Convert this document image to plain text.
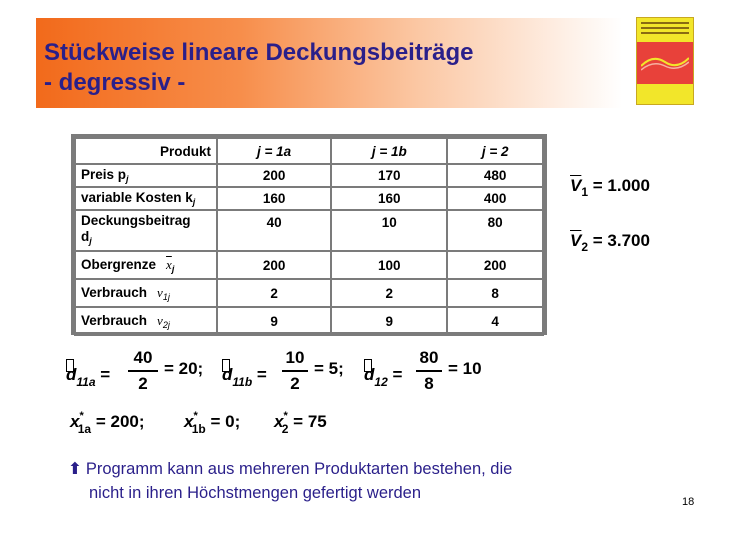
Stückweise lineare Deckungsbeiträge
- degressiv -
Produkt	j = 1a	j = 1b	j = 2
Preis $p_j$	200	170	480
variable Kosten $k_j$	160	160	400
Deckungsbeitrag
$d_j$	40	10	80
Obergrenze $\overline{x}_j$	200	100	200
Verbrauch $v_{1j}$	2	2	8
Verbrauch $v_{2j}$	9	9	4
$\overline{V}_1 = 1.000$
$\overline{V}_2 = 3.700$
$d_{11a}$ =
40
2
= 20; $d_{11b}$ =
10
2
= 5; $d_{12}$ =
80
8
= 10
$x^*_{1a} = 200$; $x^*_{1b} = 0$; $x^*_2 = 75$
⬆ Programm kann aus mehreren Produktarten bestehen, die
nicht in ihren Höchstmengen gefertigt werden	18
